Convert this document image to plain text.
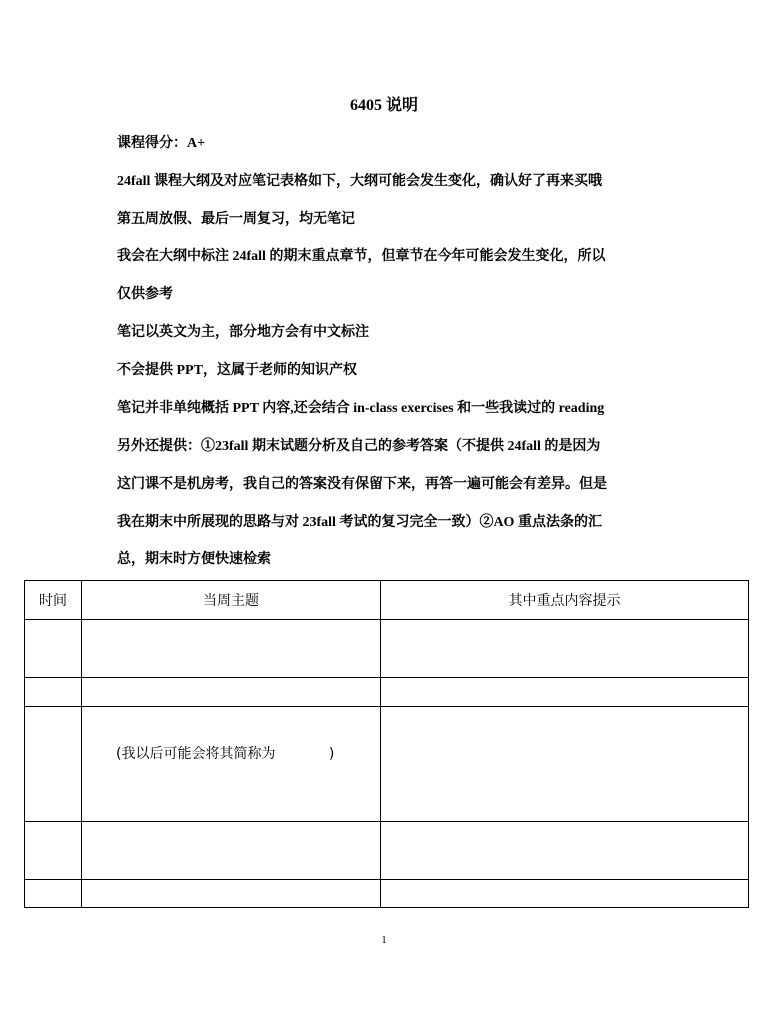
6405 说明
课程得分：A+
24fall 课程大纲及对应笔记表格如下，大纲可能会发生变化，确认好了再来买哦
第五周放假、最后一周复习，均无笔记
我会在大纲中标注 24fall 的期末重点章节，但章节在今年可能会发生变化，所以
仅供参考
笔记以英文为主，部分地方会有中文标注
不会提供 PPT，这属于老师的知识产权
笔记并非单纯概括 PPT 内容,还会结合 in-class exercises 和一些我读过的 reading
另外还提供：①23fall 期末试题分析及自己的参考答案（不提供 24fall 的是因为
这门课不是机房考，我自己的答案没有保留下来，再答一遍可能会有差异。但是
我在期末中所展现的思路与对 23fall 考试的复习完全一致）②AO 重点法条的汇
总，期末时方便快速检索
时间	当周主题	其中重点内容提示

	(我以后可能会将其简称为            )	

1
